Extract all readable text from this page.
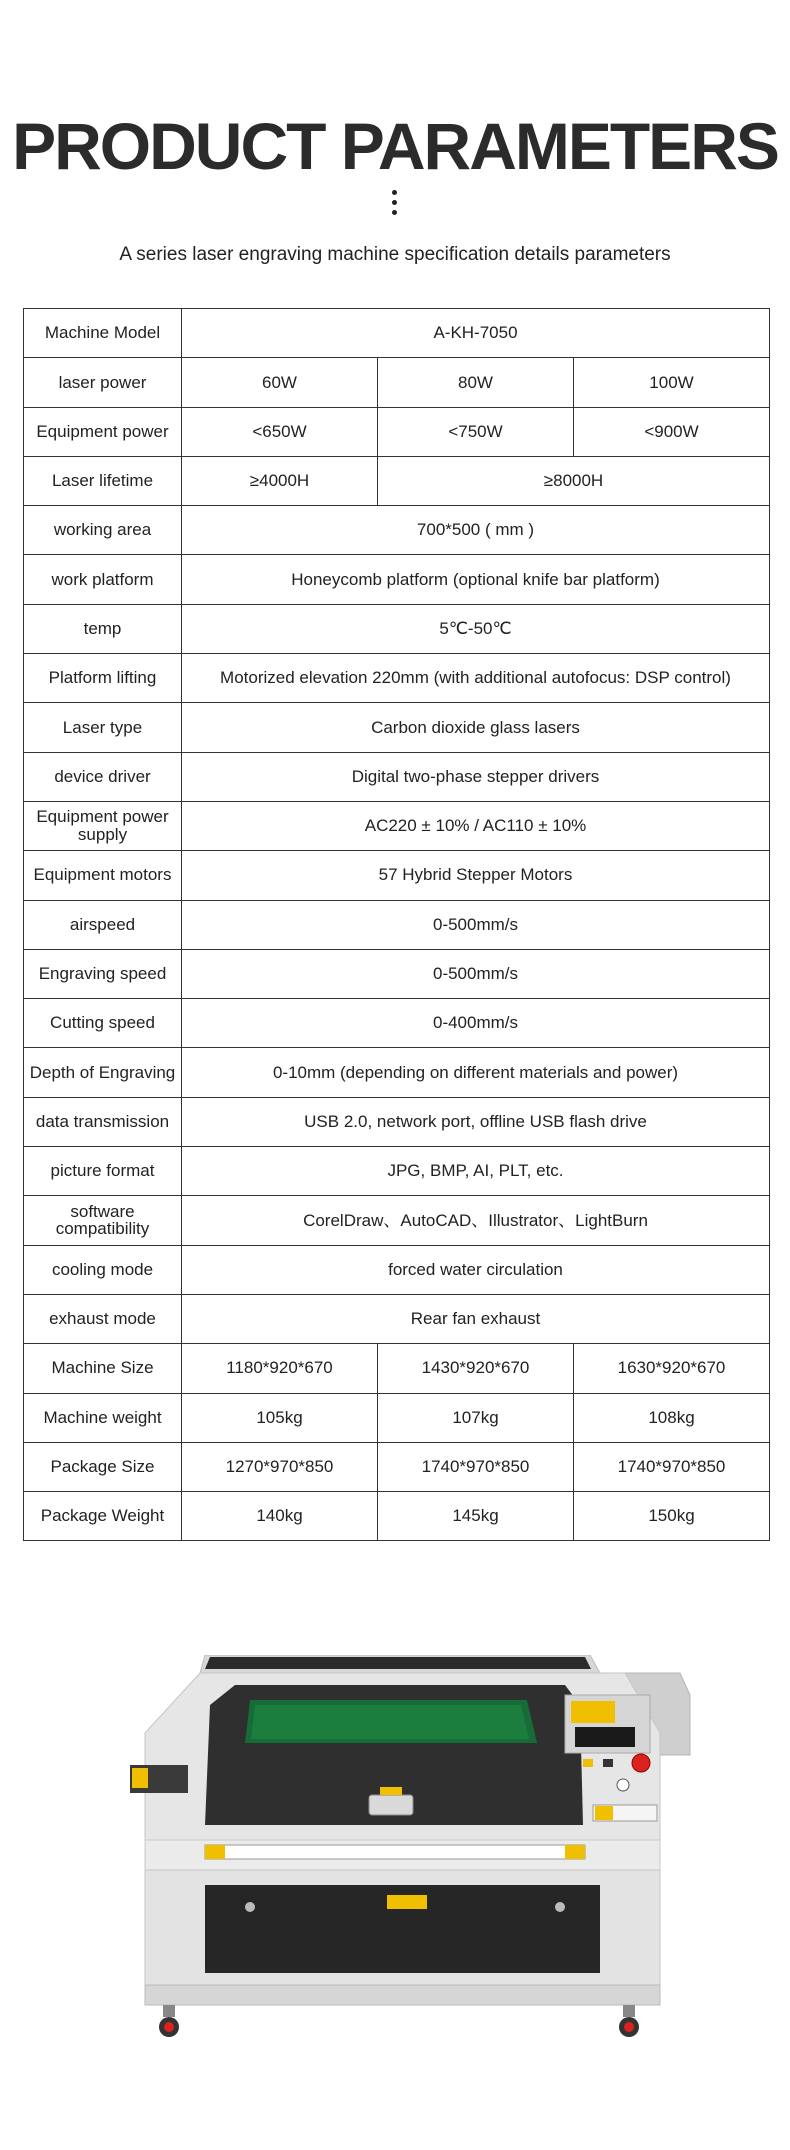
PRODUCT PARAMETERS
A series laser engraving machine specification details parameters
Machine Model	A-KH-7050		
laser power	60W	80W	100W
Equipment power	<650W	<750W	<900W
Laser lifetime	≥4000H	≥8000H	
working area	700*500 ( mm )		
work platform	Honeycomb platform (optional knife bar platform)		
temp	5℃-50℃		
Platform lifting	Motorized elevation 220mm (with additional autofocus: DSP control)		
Laser type	Carbon dioxide glass lasers		
device driver	Digital two-phase stepper drivers		
Equipment power supply	AC220 ± 10% / AC110 ± 10%		
Equipment motors	57 Hybrid Stepper Motors		
airspeed	0-500mm/s		
Engraving speed	0-500mm/s		
Cutting speed	0-400mm/s		
Depth of Engraving	0-10mm (depending on different materials and power)		
data transmission	USB 2.0, network port, offline USB flash drive		
picture format	JPG, BMP, AI, PLT, etc.		
software compatibility	CorelDraw、AutoCAD、Illustrator、LightBurn		
cooling mode	forced water circulation		
exhaust mode	Rear fan exhaust		
Machine Size	1180*920*670	1430*920*670	1630*920*670
Machine weight	105kg	107kg	108kg
Package Size	1270*970*850	1740*970*850	1740*970*850
Package Weight	140kg	145kg	150kg
